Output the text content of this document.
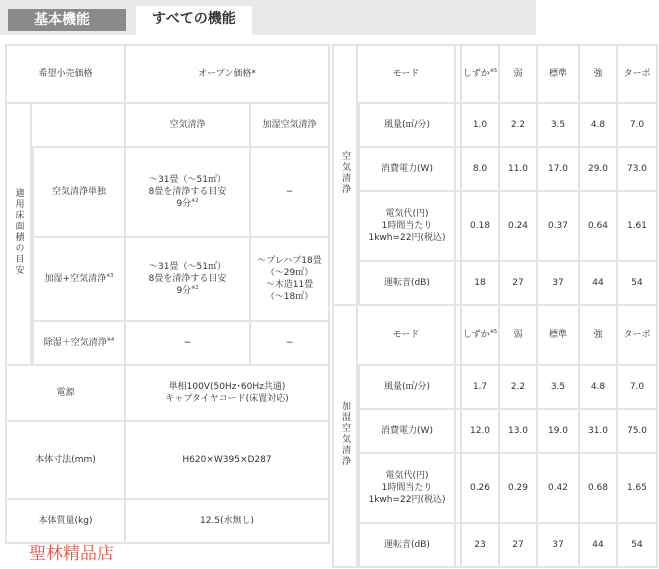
基本機能	すべての機能
希望小売価格		オープン価格*	
適用床面積の目安		空気清浄	加湿空気清浄
	空気清浄単独	〜31畳（〜51㎡）
8畳を清浄する目安
9分$^{※2}$	−
	加湿+空気清浄$^{※3}$	〜31畳（〜51㎡）
8畳を清浄する目安
9分$^{※2}$	〜プレハブ18畳
（〜29㎡）
〜木造11畳
（〜18㎡）
	除湿＋空気清浄$^{※4}$	−	−
電源		単相100V(50Hz･60Hz共通)
キャブタイヤコード(床置対応)	
本体寸法(mm)		H620×W395×D287	
本体質量(kg)		12.5(水無し)	
空気清浄	モード		しずか$^{※5}$	弱	標準	強	ターボ
	風量(㎥/分)		1.0	2.2	3.5	4.8	7.0
	消費電力(W)		8.0	11.0	17.0	29.0	73.0
	電気代(円)
1時間当たり
1kwh=22円(税込)		0.18	0.24	0.37	0.64	1.61
	運転音(dB)		18	27	37	44	54
加湿空気清浄	モード		しずか$^{※5}$	弱	標準	強	ターボ
	風量(㎥/分)		1.7	2.2	3.5	4.8	7.0
	消費電力(W)		12.0	13.0	19.0	31.0	75.0
	電気代(円)
1時間当たり
1kwh=22円(税込)		0.26	0.29	0.42	0.68	1.65
	運転音(dB)		23	27	37	44	54
聖林精品店
